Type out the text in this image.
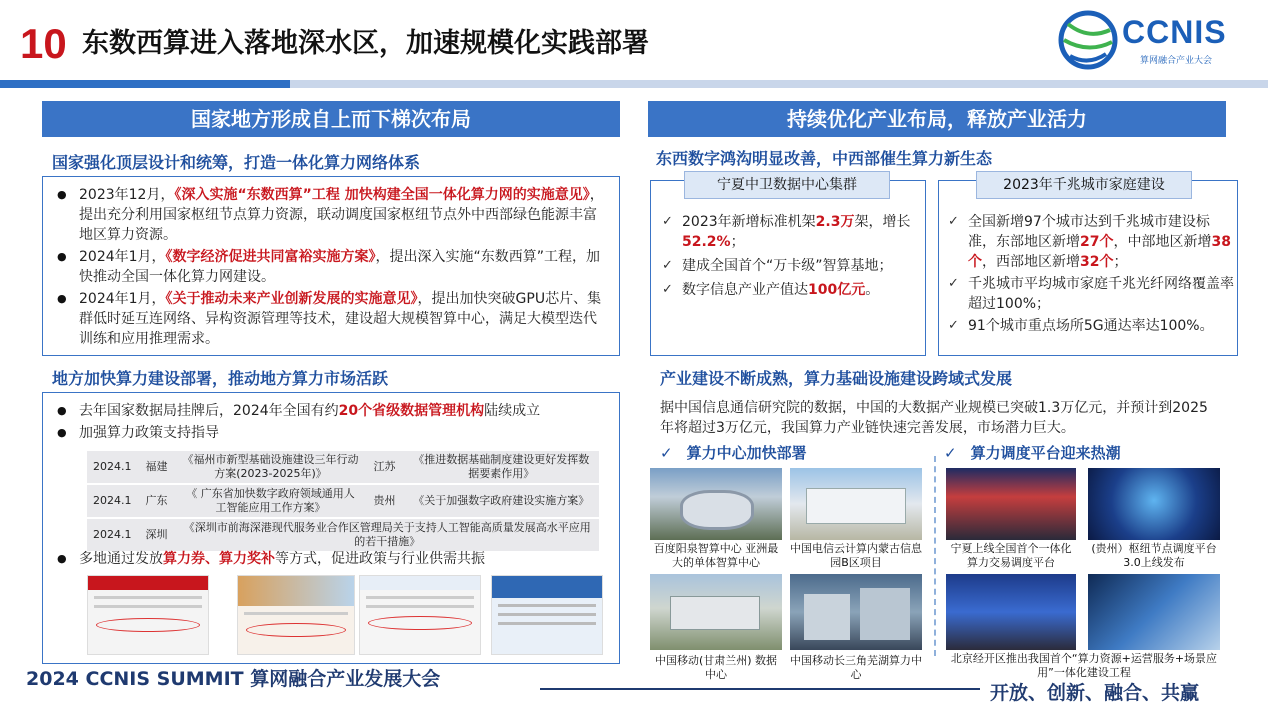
10 东数西算进入落地深水区，加速规模化实践部署	CCNIS
算网融合产业大会
国家地方形成自上而下梯次布局
国家强化顶层设计和统筹，打造一体化算力网络体系
● 2023年12月，《深入实施“东数西算”工程 加快构建全国一体化算力网的实施意见》，提出充分利用国家枢纽节点算力资源，联动调度国家枢纽节点外中西部绿色能源丰富地区算力资源。
● 2024年1月，《数字经济促进共同富裕实施方案》，提出深入实施“东数西算”工程，加快推动全国一体化算力网建设。
● 2024年1月，《关于推动未来产业创新发展的实施意见》，提出加快突破GPU芯片、集群低时延互连网络、异构资源管理等技术，建设超大规模智算中心，满足大模型迭代训练和应用推理需求。
地方加快算力建设部署，推动地方算力市场活跃
● 去年国家数据局挂牌后，2024年全国有约20个省级数据管理机构陆续成立
● 加强算力政策支持指导
2024.1	福建	《福州市新型基础设施建设三年行动方案(2023-2025年)》	江苏	《推进数据基础制度建设更好发挥数据要素作用》
2024.1	广东	《 广东省加快数字政府领域通用人工智能应用工作方案》	贵州	《关于加强数字政府建设实施方案》
2024.1	深圳	《深圳市前海深港现代服务业合作区管理局关于支持人工智能高质量发展高水平应用的若干措施》		
● 多地通过发放算力券、算力奖补等方式，促进政策与行业供需共振
持续优化产业布局，释放产业活力
东西数字鸿沟明显改善，中西部催生算力新生态
宁夏中卫数据中心集群
✓ 2023年新增标准机架2.3万架，增长52.2%；
✓ 建成全国首个“万卡级”智算基地；
✓ 数字信息产业产值达100亿元。
2023年千兆城市家庭建设
✓ 全国新增97个城市达到千兆城市建设标准，东部地区新增27个，中部地区新增38个，西部地区新增32个；
✓ 千兆城市平均城市家庭千兆光纤网络覆盖率超过100%；
✓ 91个城市重点场所5G通达率达100%。
产业建设不断成熟，算力基础设施建设跨域式发展
据中国信息通信研究院的数据，中国的大数据产业规模已突破1.3万亿元，并预计到2025年将超过3万亿元，我国算力产业链快速完善发展，市场潜力巨大。
✓ 算力中心加快部署	✓ 算力调度平台迎来热潮
百度阳泉智算中心 亚洲最大的单体智算中心
中国电信云计算内蒙古信息园B区项目
宁夏上线全国首个一体化算力交易调度平台
(贵州）枢纽节点调度平台3.0上线发布
中国移动(甘肃兰州) 数据中心
中国移动长三角芜湖算力中心
北京经开区推出我国首个“算力资源+运营服务+场景应用”一体化建设工程
2024 CCNIS SUMMIT 算网融合产业发展大会
开放、创新、融合、共赢
